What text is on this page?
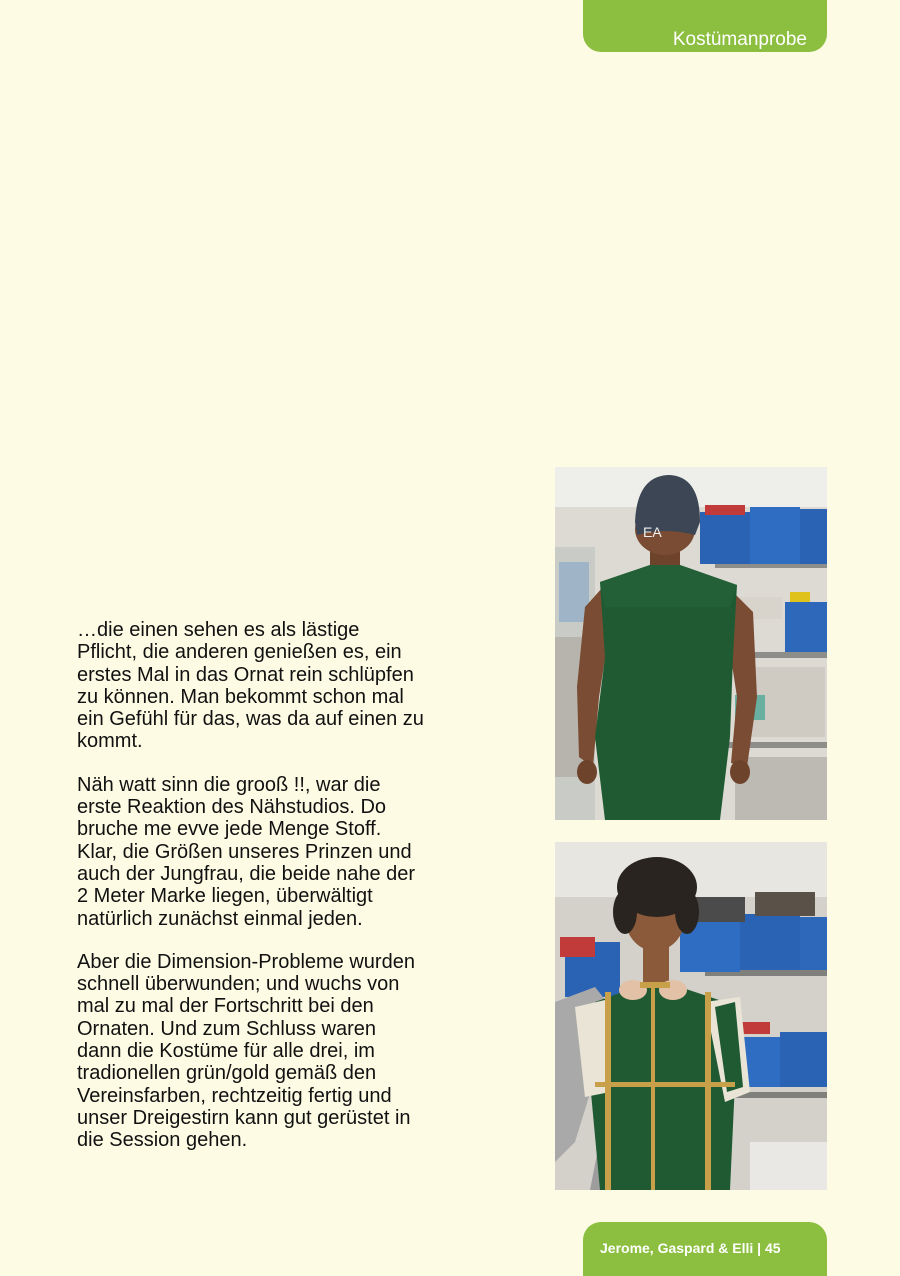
Kostümanprobe

…die einen sehen es als lästige
Pflicht, die anderen genießen es, ein
erstes Mal in das Ornat rein schlüpfen
zu können. Man bekommt schon mal
ein Gefühl für das, was da auf einen zu
kommt.

Näh watt sinn die grooß !!, war die
erste Reaktion des Nähstudios. Do
bruche me evve jede Menge Stoff.
Klar, die Größen unseres Prinzen und
auch der Jungfrau, die beide nahe der
2 Meter Marke liegen, überwältigt
natürlich zunächst einmal jeden.

Aber die Dimension-Probleme wurden
schnell überwunden; und wuchs von
mal zu mal der Fortschritt bei den
Ornaten. Und zum Schluss waren
dann die Kostüme für alle drei, im
tradionellen grün/gold gemäß den
Vereinsfarben, rechtzeitig fertig und
unser Dreigestirn kann gut gerüstet in
die Session gehen.

EA
Jerome, Gaspard & Elli | 45
